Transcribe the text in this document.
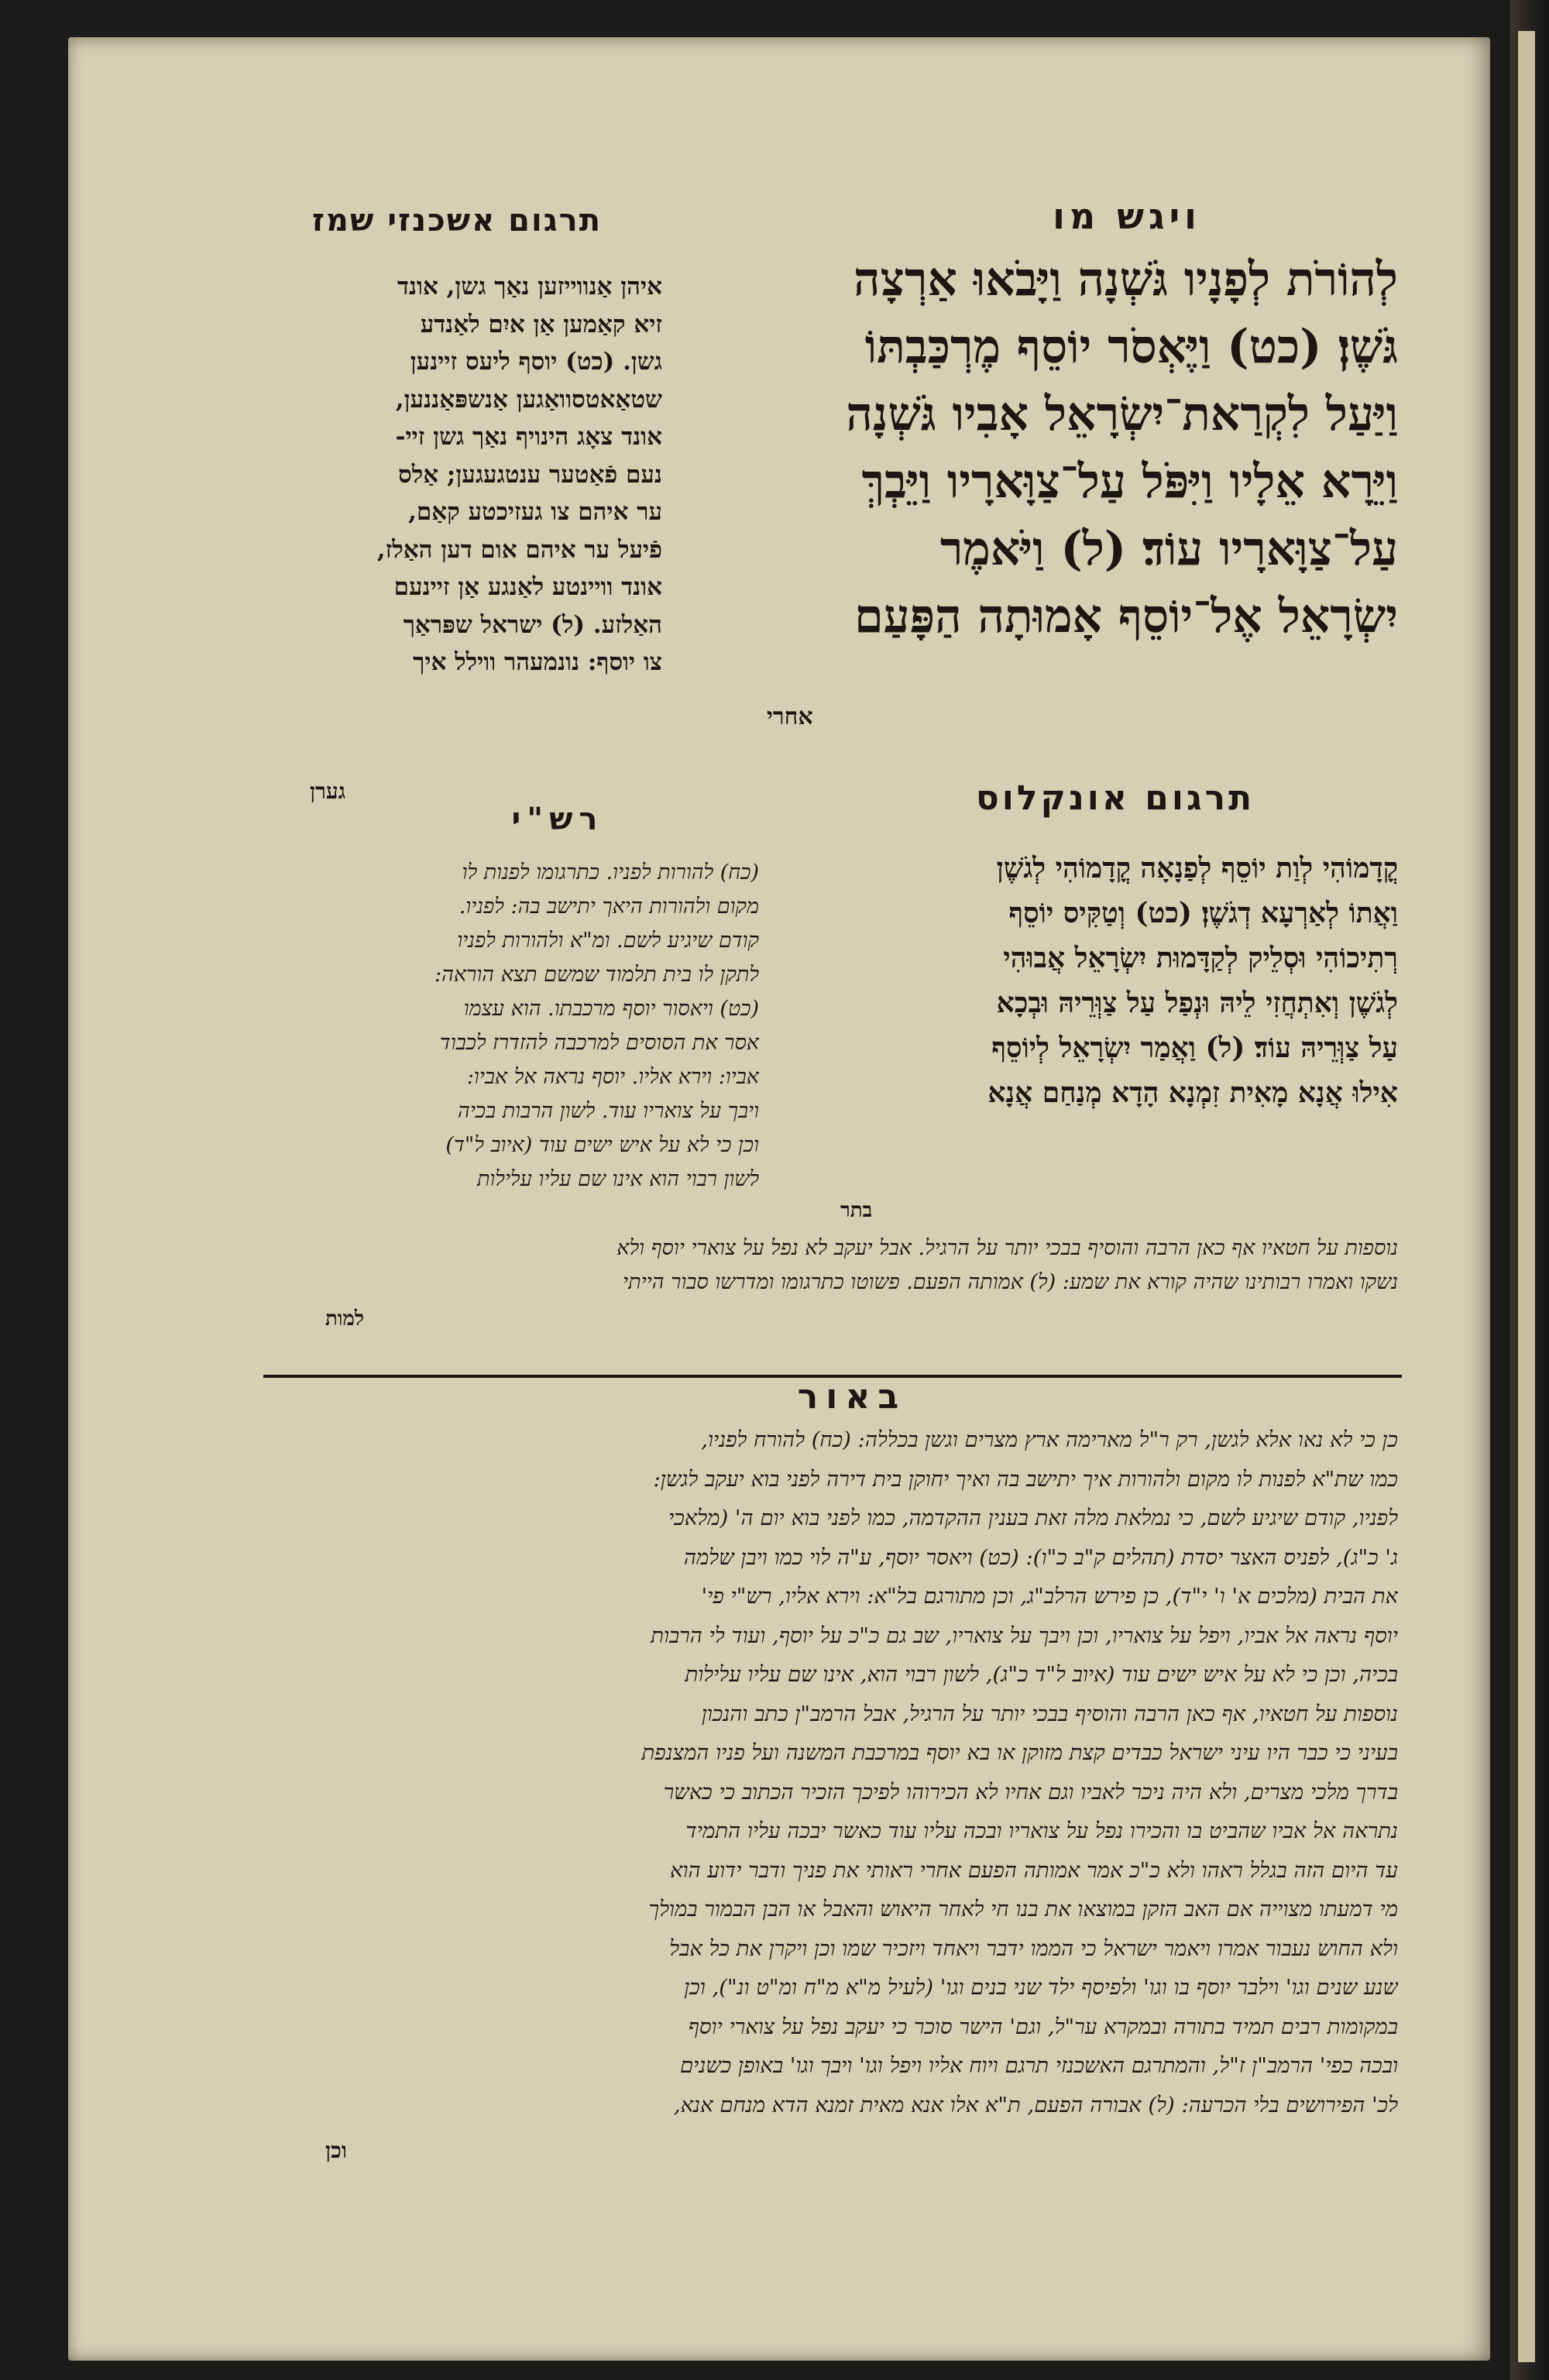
ויגש מו
תרגום אשכנזי שמז
לְהוֹרֹת לְפָנָיו גֹּשְׁנָה וַיָּבֹאוּ אַרְצָה
גֹּשֶׁן׃ (כט) וַיֶּאְסֹר יוֹסֵף מֶרְכַּבְתּוֹ
וַיַּעַל לִקְרַאת־יִשְׂרָאֵל אָבִיו גֹּשְׁנָה
וַיֵּרָא אֵלָיו וַיִּפֹּל עַל־צַוָּארָיו וַיֵּבְךְּ
עַל־צַוָּארָיו עוֹד׃ (ל) וַיֹּאמֶר
יִשְׂרָאֵל אֶל־יוֹסֵף אָמוּתָה הַפָּעַם
אחרי
איהן אַנווייזען נאַך גשן, אונד
זיא קאַמען אַן איִם לאַנדע
גשן. (כט) יוסף ליעס זיינען
שטאַאטסוואַגען אַנשפּאַננען,
אונד צאָג הינויף נאַך גשן זיי-
נעם פֿאַטער ענטגעגען; אַלס
ער איהם צו געזיכטע קאַם,
פֿיעל ער איהם אום דען האַלז,
אונד וויינטע לאַנגע אַן זיינעם
האַלזע. (ל) ישראל שפּראַך
צו יוסף: נונמעהר ווילל איך
גערן	תרגום אונקלוס
קֳדָמוֹהִי לְוַת יוֹסֵף לְפַנָאָה קֳדָמוֹהִי לְגֹשֶׁן
וַאֲתוֹ לְאַרְעָא דְגֹשֶׁן׃ (כט) וְטַקִּיס יוֹסֵף
רְתִיכוֹהִי וּסְלֵיק לְקַדָּמוּת יִשְׂרָאֵל אֲבוּהִי
לְגֹשֶׁן וְאִתְחֲזִי לֵיהּ וּנְפַל עַל צַוְּרֵיהּ וּבְכָא
עַל צַוְּרֵיהּ עוֹד׃ (ל) וַאֲמַר יִשְׂרָאֵל לְיוֹסֵף
אִילוּ אֲנָא מָאִית זִמְנָא הָדָא מְנַחַם אֲנָא
בתר
רש"י
(כח) להורות לפניו. כתרגומו לפנות לו
מקום ולהורות היאך יתישב בה: לפניו.
קודם שיגיע לשם. ומ"א ולהורות לפניו
לתקן לו בית תלמוד שמשם תצא הוראה:
(כט) ויאסור יוסף מרכבתו. הוא עצמו
אסר את הסוסים למרכבה להזדרז לכבוד
אביו: וירא אליו. יוסף נראה אל אביו:
ויבך על צואריו עוד. לשון הרבות בכיה
וכן כי לא על איש ישים עוד (איוב ל"ד)
לשון רבוי הוא אינו שם עליו עלילות
נוספות על חטאיו אף כאן הרבה והוסיף בבכי יותר על הרגיל. אבל יעקב לא נפל על צוארי יוסף ולא
נשקו ואמרו רבותינו שהיה קורא את שמע: (ל) אמותה הפעם. פשוטו כתרגומו ומדרשו סבור הייתי
למות
באור
כן כי לא נאו אלא לגשן, רק ר"ל מארימה ארץ מצרים וגשן בכללה: (כח) להורח לפניו,
כמו שת"א לפנות לו מקום ולהורות איך יתישב בה ואיך יחוקן בית דירה לפני בוא יעקב לגשן:
לפניו, קודם שיגיע לשם, כי נמלאת מלה זאת בענין ההקדמה, כמו לפני בוא יום ה' (מלאכי
ג' כ"ג), לפניס האצר יסדת (תהלים ק"ב כ"ו): (כט) ויאסר יוסף, ע"ה לוי כמו ויבן שלמה
את הבית (מלכים א' ו' י"ד), כן פירש הרלב"ג, וכן מתורגם בל"א: וירא אליו, רש"י פי'
יוסף נראה אל אביו, ויפל על צואריו, וכן ויבך על צואריו, שב גם כ"כ על יוסף, ועוד לי הרבות
בכיה, וכן כי לא על איש ישים עוד (איוב ל"ד כ"ג), לשון רבוי הוא, אינו שם עליו עלילות
נוספות על חטאיו, אף כאן הרבה והוסיף בבכי יותר על הרגיל, אבל הרמב"ן כתב והנכון
בעיני כי כבר היו עיני ישראל כבדים קצת מזוקן או בא יוסף במרכבת המשנה ועל פניו המצנפת
בדרך מלכי מצרים, ולא היה ניכר לאביו וגם אחיו לא הכירוהו לפיכך הזכיר הכתוב כי כאשר
נתראה אל אביו שהביט בו והכירו נפל על צואריו ובכה עליו עוד כאשר יבכה עליו התמיד
עד היום הזה בגלל ראהו ולא כ"כ אמר אמותה הפעם אחרי ראותי את פניך ודבר ידוע הוא
מי דמעתו מצוייה אם האב הזקן במוצאו את בנו חי לאחר היאוש והאבל או הבן הבמור במולך
ולא החוש נעבור אמרו ויאמר ישראל כי הממו ידבר ויאחד ויזכיר שמו וכן ויקרן את כל אבל
שנע שנים וגו' וילבר יוסף בו וגו' ולפיסף ילד שני בנים וגו' (לעיל מ"א מ"ח ומ"ט ונ"), וכן
במקומות רבים תמיד בתורה ובמקרא ער"ל, וגם' הישר סוכר כי יעקב נפל על צוארי יוסף
ובכה כפי' הרמב"ן ז"ל, והמתרגם האשכנזי תרגם ויוח אליו ויפל וגו' ויבך וגו' באופן כשנים
לכ' הפירושים בלי הכרעה: (ל) אבורה הפעם, ת"א אלו אנא מאית זמנא הדא מנחם אנא,
וכן
